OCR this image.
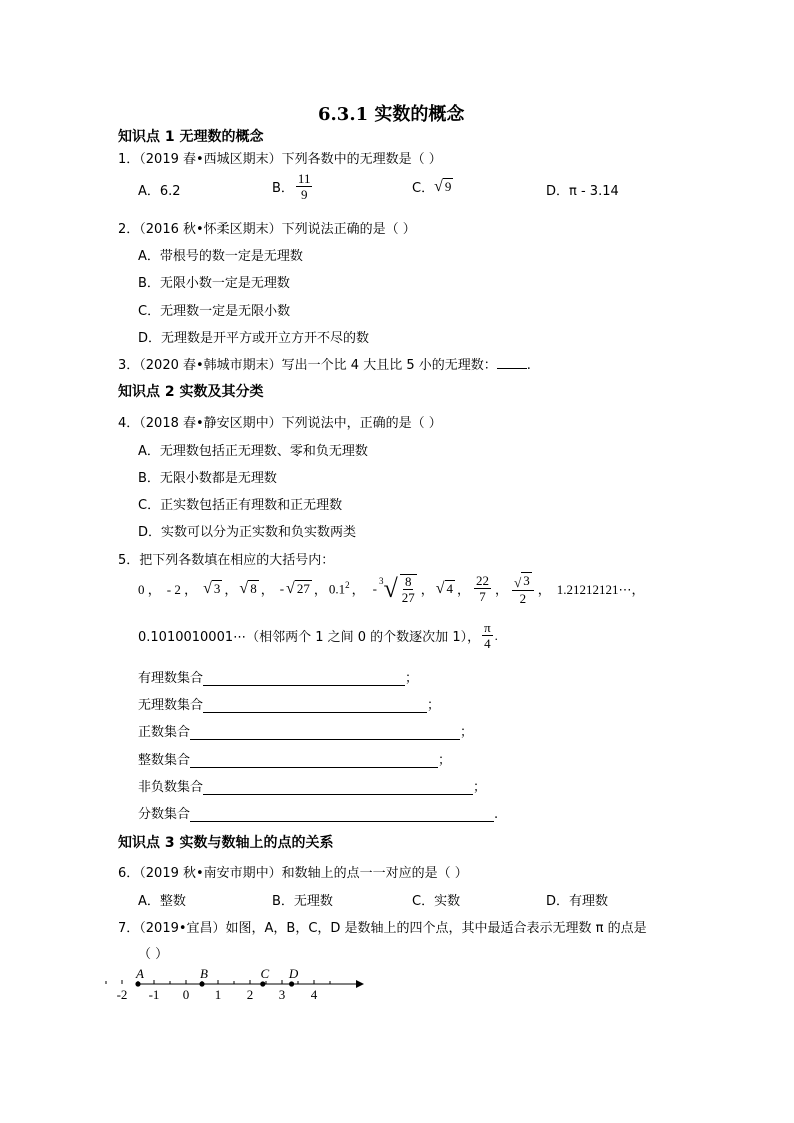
6.3.1 实数的概念
知识点 1 无理数的概念
1．（2019 春•西城区期末）下列各数中的无理数是（ ）
A．6.2	B． $\frac{11}{9}$	C． √ 9	D．π - 3.14
2．（2016 秋•怀柔区期末）下列说法正确的是（ ）
A．带根号的数一定是无理数
B．无限小数一定是无理数
C．无理数一定是无限小数
D．无理数是开平方或开立方开不尽的数
3．（2020 春•韩城市期末）写出一个比 4 大且比 5 小的无理数： .
知识点 2 实数及其分类
4．（2018 春•静安区期中）下列说法中，正确的是（ ）
A．无理数包括正无理数、零和负无理数
B．无限小数都是无理数
C．正实数包括正有理数和正无理数
D．实数可以分为正实数和负实数两类
5．把下列各数填在相应的大括号内：
0 ， - 2 ， √ 3 ， √ 8 ， - √ 27 ， $0.1^2$ ， - 3 √ $\frac{8}{27}$ ， √ 4 ， $\frac{22}{7}$ ， $\frac{√ 3}{2}$ ， 1.21212121⋯，
0.1010010001⋯（相邻两个 1 之间 0 的个数逐次加 1）， $\frac{\pi}{4}$ .
有理数集合	；
无理数集合	；
正数集合	；
整数集合	；
非负数集合	；
分数集合	.
知识点 3 实数与数轴上的点的关系
6．（2019 秋•南安市期中）和数轴上的点一一对应的是（ ）
A．整数	B．无理数	C．实数	D．有理数
7．（2019•宜昌）如图，A，B，C，D 是数轴上的四个点，其中最适合表示无理数 π 的点是
（ ）
-2 -1 0 1 2 3 4
A	B	C D
